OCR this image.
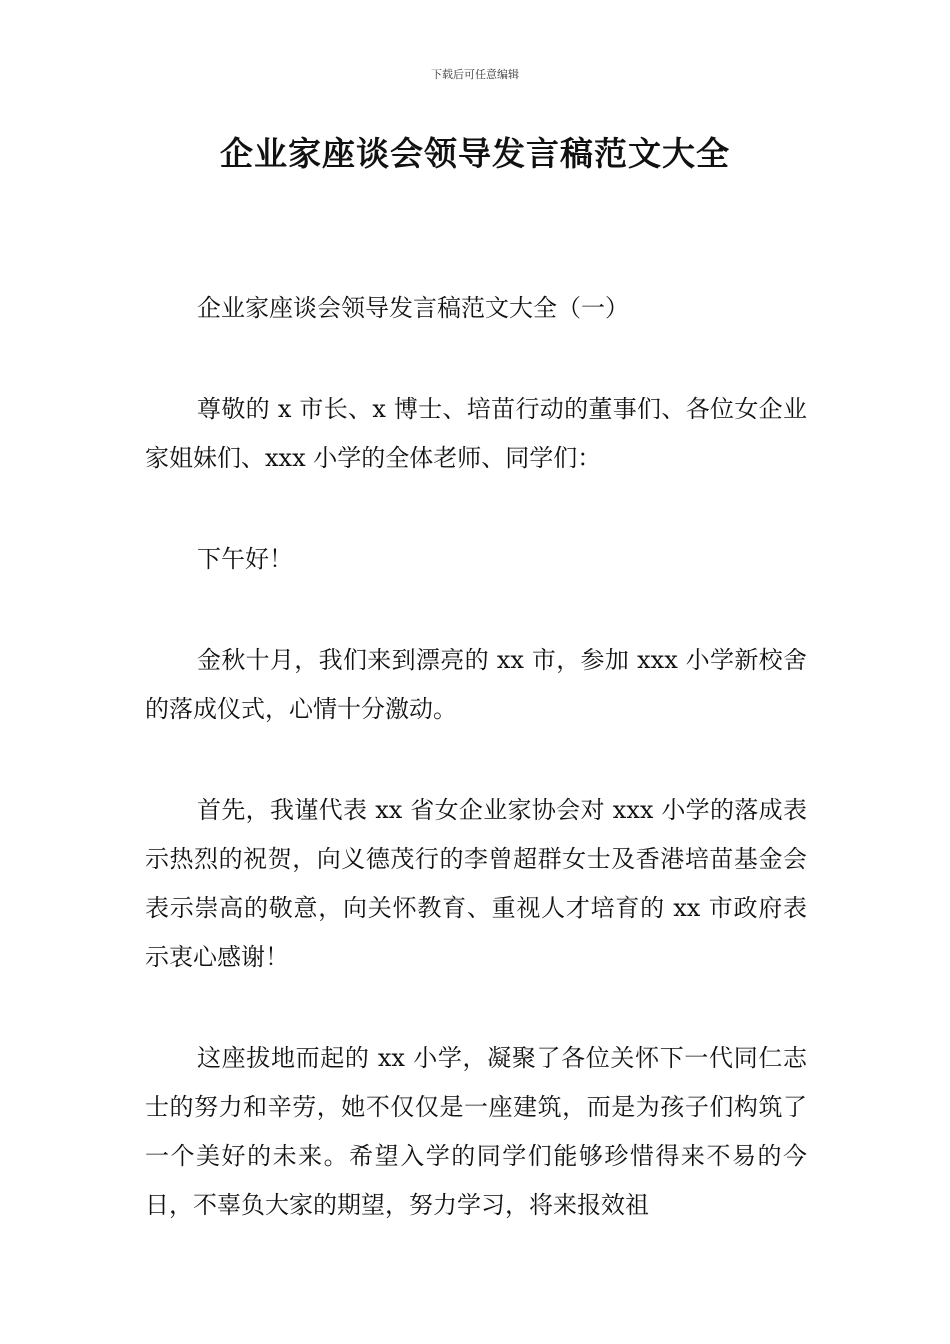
下载后可任意编辑
企业家座谈会领导发言稿范文大全

企业家座谈会领导发言稿范文大全（一）

尊敬的 x 市长、x 博士、培苗行动的董事们、各位女企业家姐妹们、xxx 小学的全体老师、同学们：

下午好！

金秋十月，我们来到漂亮的 xx 市，参加 xxx 小学新校舍的落成仪式，心情十分激动。

首先，我谨代表 xx 省女企业家协会对 xxx 小学的落成表示热烈的祝贺，向义德茂行的李曾超群女士及香港培苗基金会表示崇高的敬意，向关怀教育、重视人才培育的 xx 市政府表示衷心感谢！

这座拔地而起的 xx 小学，凝聚了各位关怀下一代同仁志士的努力和辛劳，她不仅仅是一座建筑，而是为孩子们构筑了一个美好的未来。希望入学的同学们能够珍惜得来不易的今日，不辜负大家的期望，努力学习，将来报效祖
